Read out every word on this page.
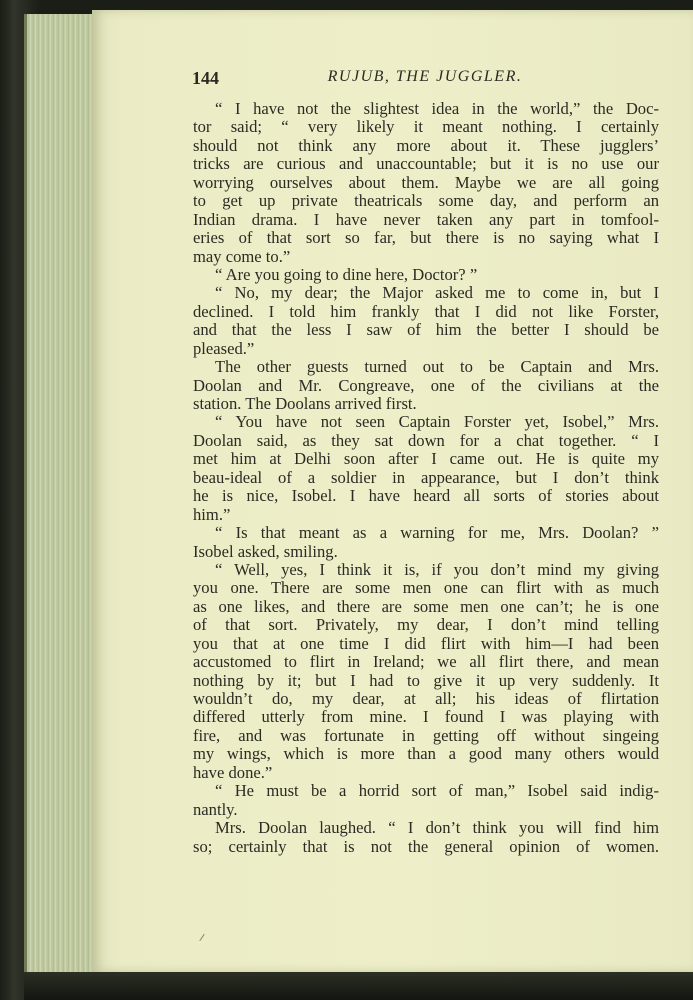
144	RUJUB, THE JUGGLER.
“ I have not the slightest idea in the world,” the Doc-
tor said; “ very likely it meant nothing. I certainly
should not think any more about it. These jugglers’
tricks are curious and unaccountable; but it is no use our
worrying ourselves about them. Maybe we are all going
to get up private theatricals some day, and perform an
Indian drama. I have never taken any part in tomfool-
eries of that sort so far, but there is no saying what I
may come to.”
“ Are you going to dine here, Doctor? ”
“ No, my dear; the Major asked me to come in, but I
declined. I told him frankly that I did not like Forster,
and that the less I saw of him the better I should be
pleased.”
The other guests turned out to be Captain and Mrs.
Doolan and Mr. Congreave, one of the civilians at the
station. The Doolans arrived first.
“ You have not seen Captain Forster yet, Isobel,” Mrs.
Doolan said, as they sat down for a chat together. “ I
met him at Delhi soon after I came out. He is quite my
beau-ideal of a soldier in appearance, but I don’t think
he is nice, Isobel. I have heard all sorts of stories about
him.”
“ Is that meant as a warning for me, Mrs. Doolan? ”
Isobel asked, smiling.
“ Well, yes, I think it is, if you don’t mind my giving
you one. There are some men one can flirt with as much
as one likes, and there are some men one can’t; he is one
of that sort. Privately, my dear, I don’t mind telling
you that at one time I did flirt with him—I had been
accustomed to flirt in Ireland; we all flirt there, and mean
nothing by it; but I had to give it up very suddenly. It
wouldn’t do, my dear, at all; his ideas of flirtation
differed utterly from mine. I found I was playing with
fire, and was fortunate in getting off without singeing
my wings, which is more than a good many others would
have done.”
“ He must be a horrid sort of man,” Isobel said indig-
nantly.
Mrs. Doolan laughed. “ I don’t think you will find him
so; certainly that is not the general opinion of women.
